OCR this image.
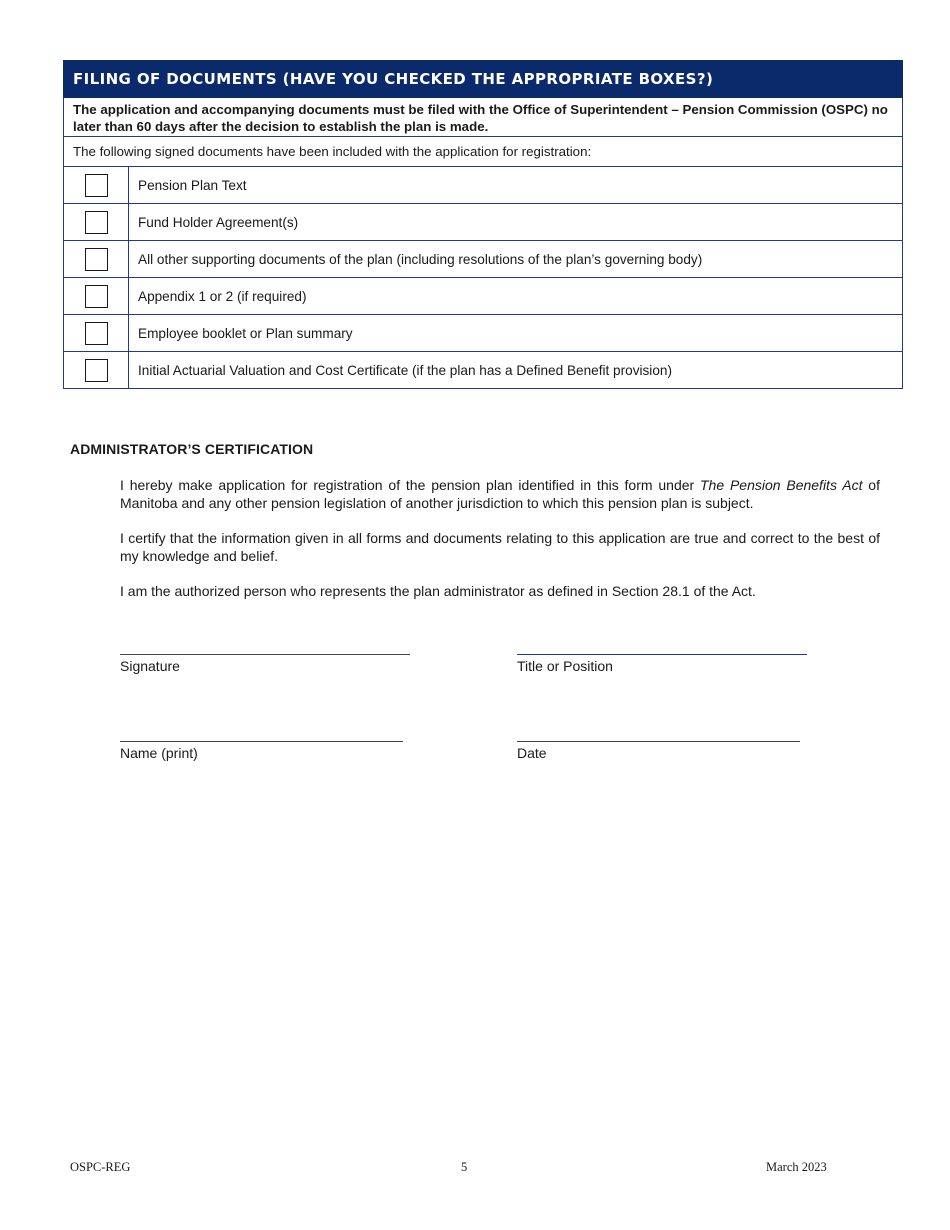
FILING OF DOCUMENTS (HAVE YOU CHECKED THE APPROPRIATE BOXES?)	
The application and accompanying documents must be filed with the Office of Superintendent – Pension Commission (OSPC) no later than 60 days after the decision to establish the plan is made.	
The following signed documents have been included with the application for registration:	

	Pension Plan Text

	Fund Holder Agreement(s)

	All other supporting documents of the plan (including resolutions of the plan’s governing body)

	Appendix 1 or 2 (if required)

	Employee booklet or Plan summary

	Initial Actuarial Valuation and Cost Certificate (if the plan has a Defined Benefit provision)
ADMINISTRATOR’S CERTIFICATION

I hereby make application for registration of the pension plan identified in this form under The Pension Benefits Act of Manitoba and any other pension legislation of another jurisdiction to which this pension plan is subject.

I certify that the information given in all forms and documents relating to this application are true and correct to the best of my knowledge and belief.

I am the authorized person who represents the plan administrator as defined in Section 28.1 of the Act.

Signature	Title or Position
Name (print)	Date
OSPC-REG	5	March 2023
